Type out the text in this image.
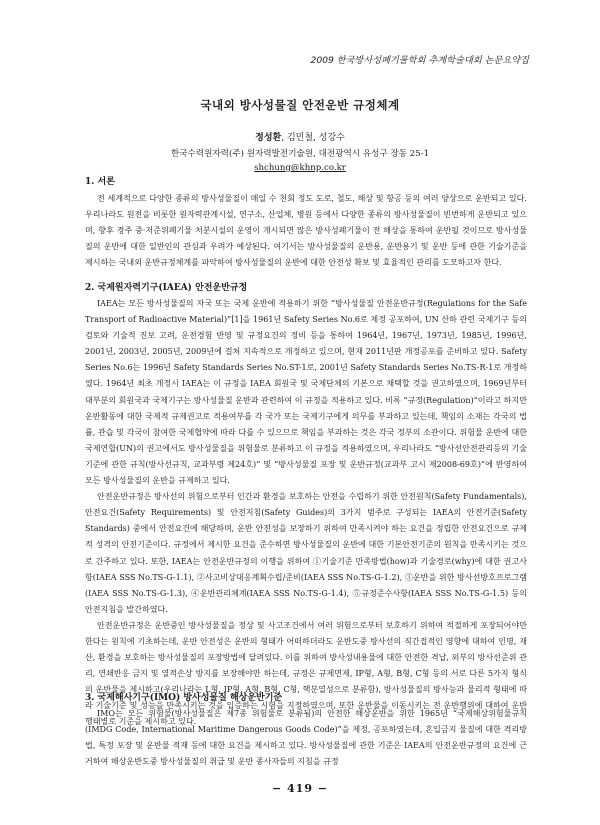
2009 한국방사성폐기물학회 추계학술대회 논문요약집
국내외 방사성물질 안전운반 규정체계
정성환, 김민철, 성강수
한국수력원자력(주) 원자력발전기술원, 대전광역시 유성구 장동 25-1
shchung@khnp.co.kr
1. 서론

전 세계적으로 다양한 종류의 방사성물질이 매일 수 천회 정도 도로, 철도, 해상 및 항공 등의 여러 양상으로 운반되고 있다. 우리나라도 원전을 비롯한 원자력관계시설, 연구소, 산업체, 병원 등에서 다양한 종류의 방사성물질이 빈번하게 운반되고 있으며, 향후 경주 중·저준위폐기물 처분시설의 운영이 개시되면 많은 방사성폐기물이 전 해상을 통하여 운반될 것이므로 방사성물질의 운반에 대한 일반인의 관심과 우려가 예상된다. 여기서는 방사성물질의 운반용, 운반용기 및 운반 등에 관한 기술기준을 제시하는 국내외 운반규정체계를 파악하여 방사성물질의 운반에 대한 안전성 확보 및 효율적인 관리를 도모하고자 한다.

2. 국제원자력기구(IAEA) 안전운반규정

IAEA는 모든 방사성물질의 자국 또는 국제 운반에 적용하기 위한 “방사성물질 안전운반규정(Regulations for the Safe Transport of Radioactive Material)”[1]을 1961년 Safety Series No.6로 제정 공포하여, UN 산하 관련 국제기구 등의 검토와 기술적 진보 고려, 운전경험 반영 및 규정요건의 정비 등을 통하여 1964년, 1967년, 1973년, 1985년, 1996년, 2001년, 2003년, 2005년, 2009년에 걸쳐 지속적으로 개정하고 있으며, 현재 2011년판 개정공포를 준비하고 있다. Safety Series No.6는 1996년 Safety Standards Series No.ST-1로, 2001년 Safety Standards Series No.TS-R-1로 개정하였다. 1964년 최초 개정시 IAEA는 이 규정을 IAEA 회원국 및 국제단체의 기본으로 채택할 것을 권고하였으며, 1969년부터 대부분의 회원국과 국제기구는 방사성물질 운반과 관련하여 이 규정을 적용하고 있다. 비록 “규정(Regulation)”이라고 하지만 운반활동에 대한 국제적 규제권고로 적용여부를 각 국가 또는 국제기구에게 의무를 부과하고 있는데, 책임의 소재는 각국의 법률, 관습 및 각국이 참여한 국제협약에 따라 다를 수 있으므로 책임을 부과하는 것은 각국 정부의 소관이다. 위험물 운반에 대한 국제연합(UN)의 권고에서도 방사성물질을 위험물로 분류하고 이 규정을 적용하였으며, 우리나라도 “방사선안전관리등의 기술기준에 관한 규칙(방사선규칙, 교과부령 제24호)” 및 “방사성물질 포장 및 운반규정(교과부 고시 제2008-69호)”에 반영하여 모든 방사성물질의 운반을 규제하고 있다.

안전운반규정은 방사선의 위험으로부터 인간과 환경을 보호하는 안전을 수립하기 위한 안전원칙(Safety Fundamentals), 안전요건(Safety Requirements) 및 안전지침(Safety Guides)의 3가지 범주로 구성되는 IAEA의 안전기준(Safety Standards) 중에서 안전요건에 해당하며, 운반 안전성을 보장하기 위하여 만족시켜야 하는 요건을 정립한 안전요건으로 규제적 성격의 안전기준이다. 규정에서 제시한 요건을 준수하면 방사성물질의 운반에 대한 기본안전기준의 원칙을 만족시키는 것으로 간주하고 있다. 또한, IAEA는 안전운반규정의 이행을 위하여 ①기술기준 만족방법(how)과 기술경로(why)에 대한 권고사항(IAEA SSS No.TS-G-1.1), ②사고비상대응계획수립/준비(IAEA SSS No.TS-G-1.2), ③운반을 위한 방사선방호프로그램(IAEA SSS No.TS-G-1.3), ④운반관리체계(IAEA SSS No.TS-G-1.4), ⑤규정준수사항(IAEA SSS No.TS-G-1.5) 등의 안전지침을 발간하였다.

안전운반규정은 운반중인 방사성물질을 정상 및 사고조건에서 여러 위험으로부터 보호하기 위하여 적절하게 포장되어야만 한다는 원칙에 기초하는데, 운반 안전성은 운반의 형태가 어떠하더라도 운반도중 방사선의 직간접적인 영향에 대하여 인명, 재산, 환경을 보호하는 방사성물질의 포장방법에 달려있다. 이를 위하여 방사성내용물에 대한 안전한 격납, 외부의 방사선준위 관리, 연쇄반응 금지 및 열적손상 방지를 보장해야만 하는데, 규정은 규제면제, IP형, A형, B형, C형 등의 서로 다른 5가지 형식의 운반물을 제시하고(우리나라는 L형, IP형, A형, B형, C형, 핵분열성으로 분류함), 방사성물질의 방사능과 물리적 형태에 따라 기술기준 및 성능을 만족시키는 것을 입증하는 시험을 지정하였으며, 또한 운반물을 이동시키는 전 운반행위에 대하여 운반행태별로 기준을 제시하고 있다.

3. 국제해사기구(IMO) 방사성물질 해상운반기준

IMO는 모든 위험물(방사성물질은 제7종 위험물로 분류됨)의 안전한 해상운반을 위한 1965년 “국제해상위험물규칙(IMDG Code, International Maritime Dangerous Goods Code)”을 제정, 공포하였는데, 혼입금지 물질에 대한 격리방법, 특정 포장 및 운반물 적재 등에 대한 요건을 제시하고 있다. 방사성물질에 관한 기준은 IAEA의 안전운반규정의 요건에 근거하여 해상운반도중 방사성물질의 취급 및 운반 종사자들의 지침을 규정

− 419 −
